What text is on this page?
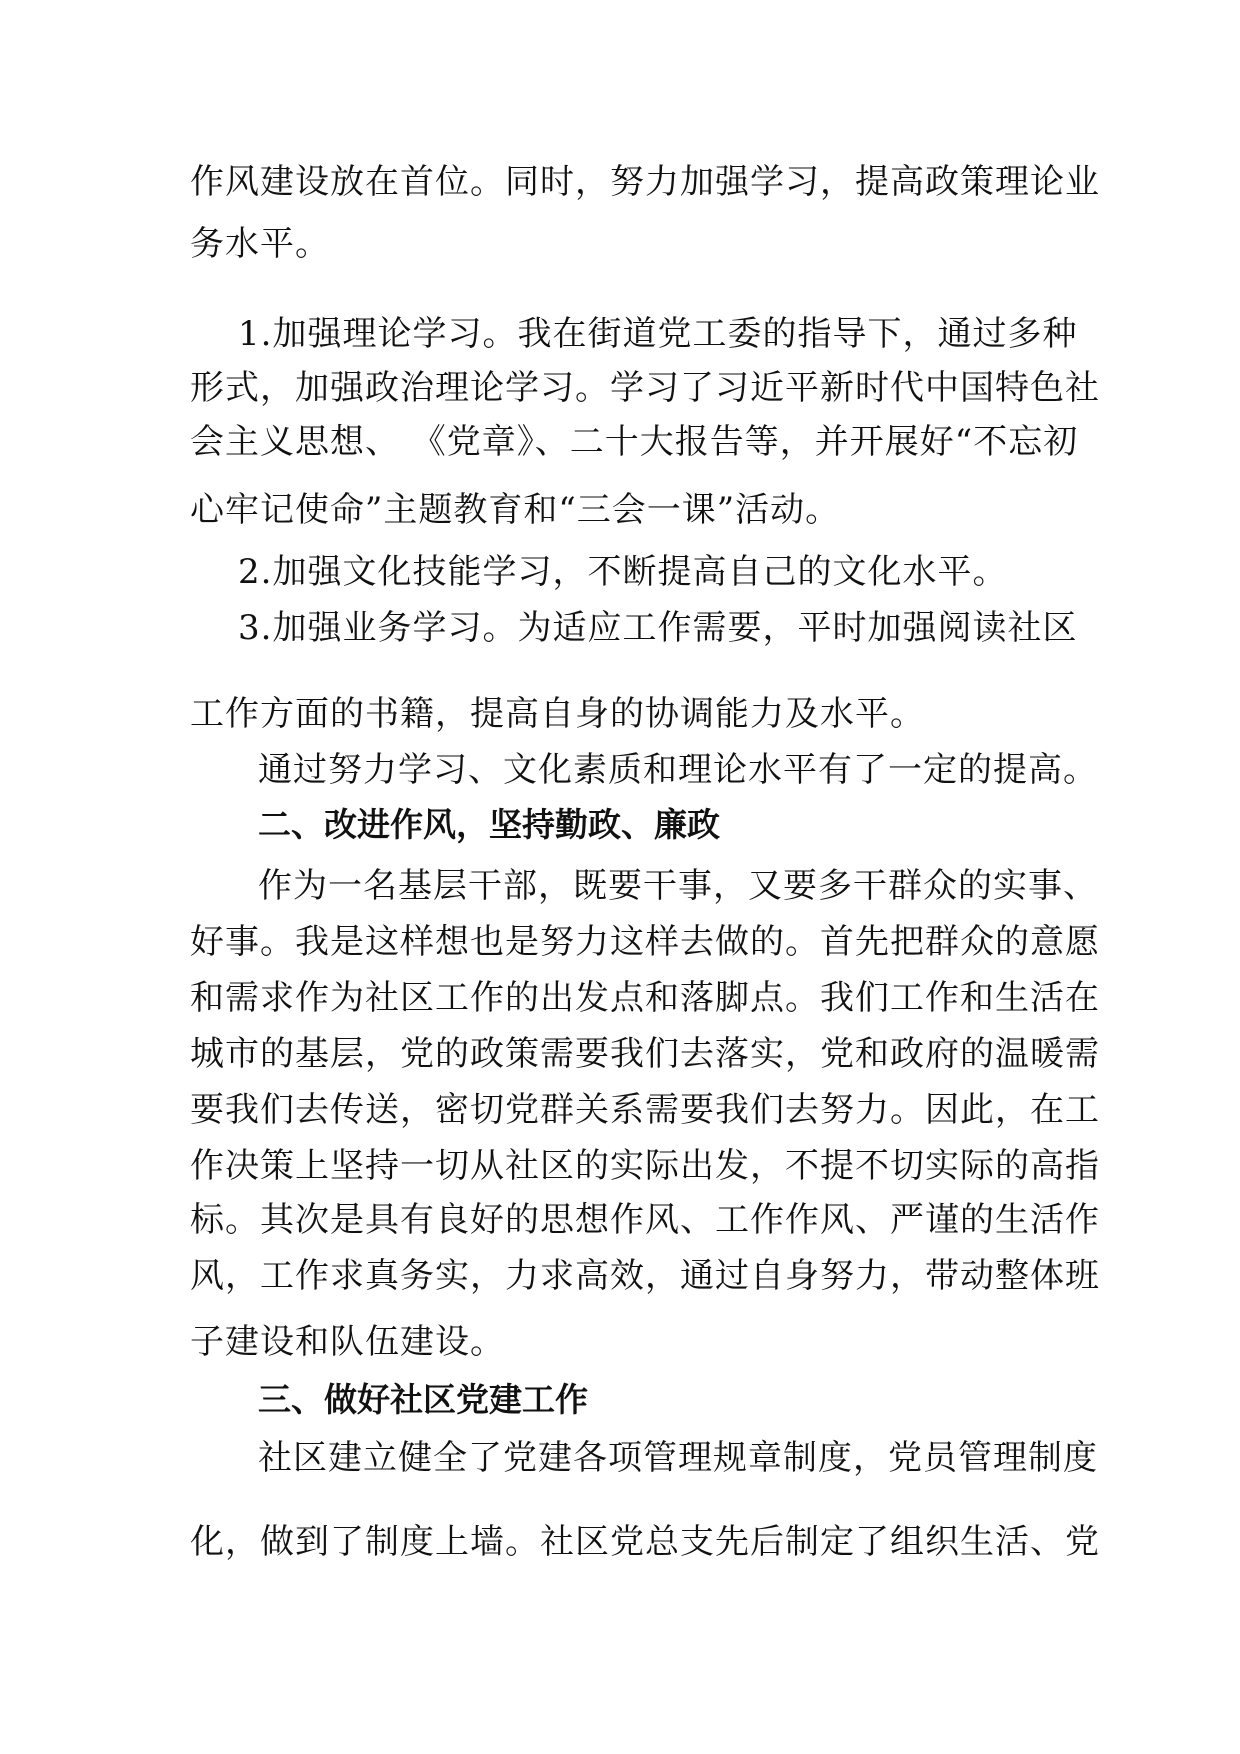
作风建设放在首位。同时，努力加强学习，提高政策理论业
务水平。
1.加强理论学习。我在街道党工委的指导下，通过多种
形式，加强政治理论学习。学习了习近平新时代中国特色社
会主义思想、 《党章》、二十大报告等，并开展好“不忘初
心牢记使命”主题教育和“三会一课”活动。
2.加强文化技能学习，不断提高自己的文化水平。
3.加强业务学习。为适应工作需要，平时加强阅读社区
工作方面的书籍，提高自身的协调能力及水平。
通过努力学习、文化素质和理论水平有了一定的提高。
二、改进作风，坚持勤政、廉政
作为一名基层干部，既要干事，又要多干群众的实事、
好事。我是这样想也是努力这样去做的。首先把群众的意愿
和需求作为社区工作的出发点和落脚点。我们工作和生活在
城市的基层，党的政策需要我们去落实，党和政府的温暖需
要我们去传送，密切党群关系需要我们去努力。因此，在工
作决策上坚持一切从社区的实际出发，不提不切实际的高指
标。其次是具有良好的思想作风、工作作风、严谨的生活作
风，工作求真务实，力求高效，通过自身努力，带动整体班
子建设和队伍建设。
三、做好社区党建工作
社区建立健全了党建各项管理规章制度，党员管理制度
化，做到了制度上墙。社区党总支先后制定了组织生活、党
